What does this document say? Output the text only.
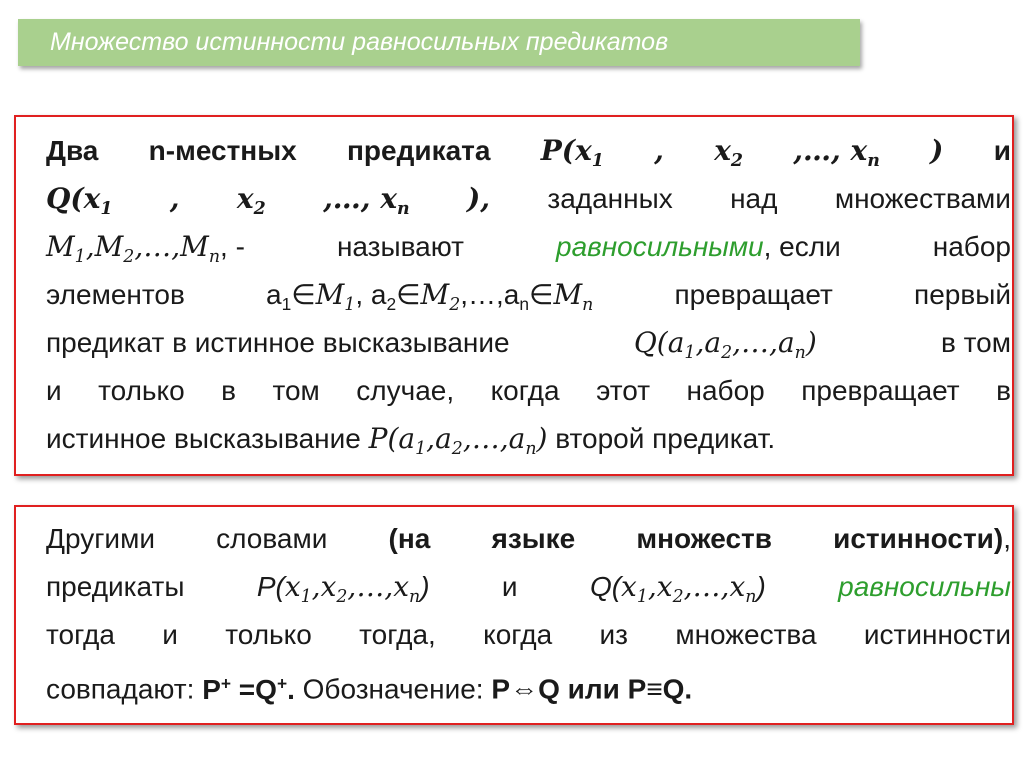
Множество истинности равносильных предикатов
Два n-местных предиката P(x1 , x2 ,…, xn ) и
Q(x1 , x2 ,…, xn ), заданных над множествами
M1,M2,…,Mn, -	называют	равносильными, если	набор
элементов	a1∈M1, a2∈M2,…,an∈Mn	превращает	первый
предикат в истинное высказывание	Q(a1,a2,…,an)	в том
и только в том случае, когда этот набор превращает в
истинное высказывание $P(a_1,a_2,\dots,a_n)$ второй предикат.
Другими словами (на языке множеств истинности),
предикаты	P(x1,x2,…,xn)	и	Q(x1,x2,…,xn)	равносильны
тогда и только тогда, когда из множества истинности
совпадают: P+ =Q+. Обозначение: P⇔Q или P≡Q.
